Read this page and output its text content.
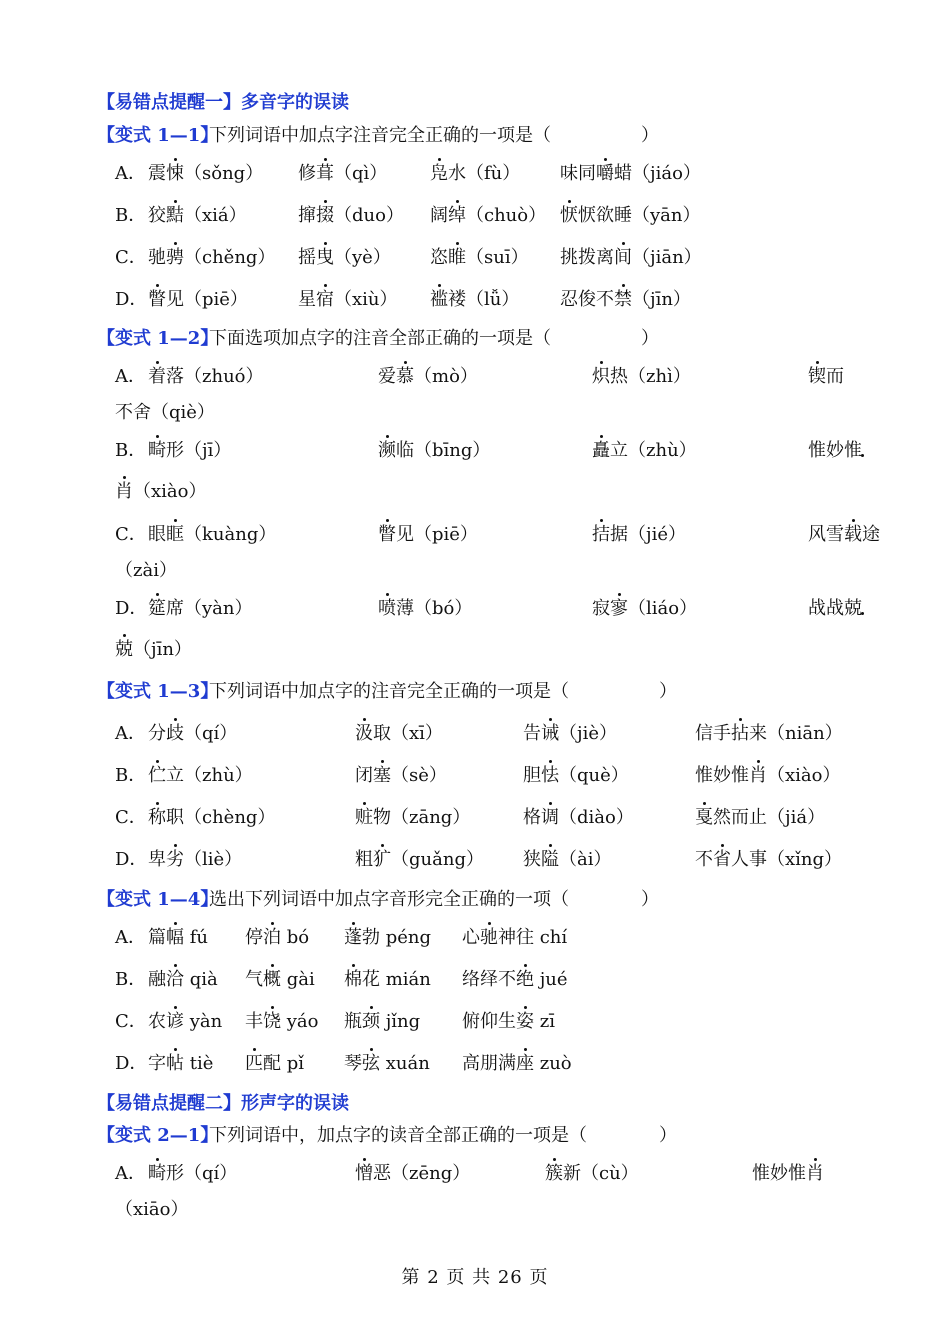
【易错点提醒一】多音字的误读
【变式 1—1】
下列词语中加点字注音完全正确的一项是（　　　　　）
A． 震悚（sǒng） 修葺（qì） 凫水（fù） 味同嚼蜡（jiáo）
B． 狡黠（xiá）	撺掇（duo） 阔绰（chuò） 恹恹欲睡（yān）
C． 驰骋（chěng） 摇曳（yè） 恣睢（suī） 挑拨离间（jiān）
D． 瞥见（piē）	星宿（xiù） 褴褛（lǚ） 忍俊不禁（jīn）
【变式 1—2】
下面选项加点字的注音全部正确的一项是（　　　　　）
A． 着落（zhuó）	爱慕（mò）	炽热（zhì）	锲而
不舍（qiè）
B． 畸形（jī）	濒临（bīng）	矗立（zhù）	惟妙惟
肖（xiào）
C． 眼眶（kuàng）	瞥见（piē）	拮据（jié）	风雪载途
（zài）
D． 筵席（yàn）	喷薄（bó）	寂寥（liáo）	战战兢
兢（jīn）
【变式 1—3】
下列词语中加点字的注音完全正确的一项是（　　　　　）
A． 分歧（qí）	汲取（xī）	告诫（jiè）	信手拈来（niān）
B． 伫立（zhù）	闭塞（sè）	胆怯（què）	惟妙惟肖（xiào）
C． 称职（chèng）	赃物（zāng）	格调（diào）	戛然而止（jiá）
D． 卑劣（liè）	粗犷（guǎng） 狭隘（ài）	不省人事（xǐng）
【变式 1—4】
选出下列词语中加点字音形完全正确的一项（　　　　）
A． 篇幅 fú 停泊 bó 蓬勃 péng 心驰神往 chí
B． 融洽 qià 气概 gài 棉花 mián 络绎不绝 jué
C． 农谚 yàn 丰饶 yáo 瓶颈 jǐng 俯仰生姿 zī
D． 字帖 tiè 匹配 pǐ 琴弦 xuán 高朋满座 zuò
【易错点提醒二】形声字的误读
【变式 2—1】
下列词语中，加点字的读音全部正确的一项是（　　　　）
A． 畸形（qí）	憎恶（zēng）	簇新（cù）	惟妙惟肖
（xiāo）
第 2 页 共 26 页
